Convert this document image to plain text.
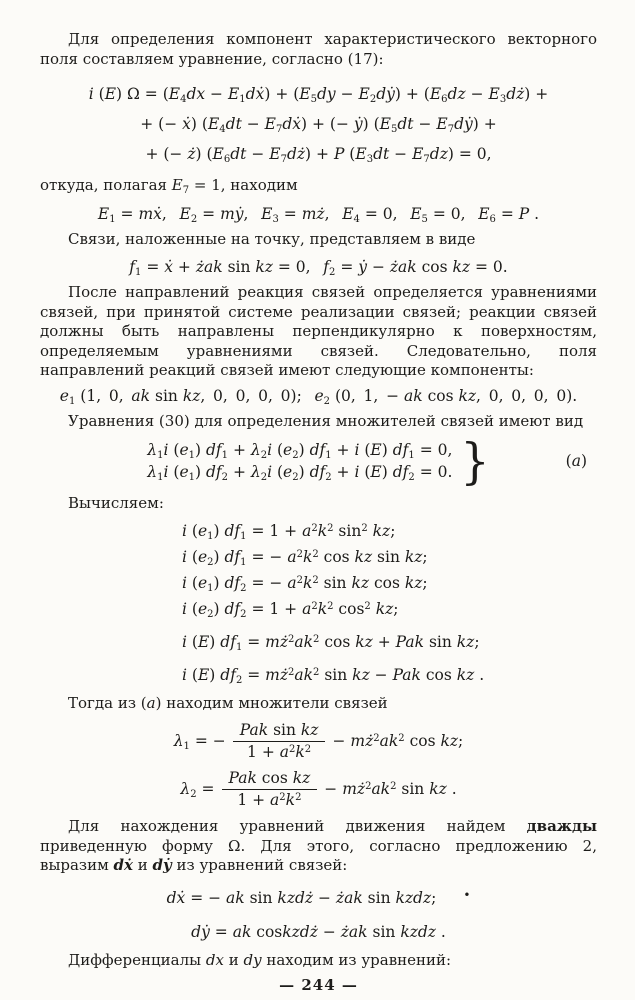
Для определения компонент характеристического векторного поля составляем уравнение, согласно (17):

i (E) $\Omega = (E_4dx$ − $E_1dẋ) + (E_5dy$ − $E_2dẏ) + (E_6dz$ − $E_3dż$) +
+ (− ẋ) ($E_4dt$ − $E_7dẋ$) + (− ẏ) ($E_5dt$ − $E_7dẏ$) +
+ (− ż) ($E_6dt$ − $E_7dż) + P$ $(E_3dt - E_7dz) = 0$,

откуда, полагая $E_7 = 1$, находим

$E_1$ = mẋ,  $E_2$ = mẏ,  $E_3$ = mż,  $E_4 = 0$,  $E_5 = 0$,  $E_6 = P$ .

Связи, наложенные на точку, представляем в виде

$f_1$ = ẋ + żak sin kz = 0,  $f_2$ = ẏ − żak cos kz = 0.

После направлений реакция связей определяется уравнениями связей, при принятой системе реализации связей; реакции связей должны быть направлены перпендикулярно к поверхностям, определяемым уравнениями связей. Следовательно, поля направлений реакций связей имеют следующие компоненты:

$e_1$ (1, 0, ak sin kz, 0, 0, 0, 0);  $e_2$ (0, 1, − ak cos kz, 0, 0, 0, 0).

Уравнения (30) для определения множителей связей имеют вид

$\lambda_1i$ $(e_1) df_1 + \lambda_2i$ $(e_2) df_1 + i$ (E) $df_1 = 0$,
$\lambda_1i$ $(e_1) df_2 + \lambda_2i$ $(e_2) df_2 + i$ (E) $df_2 = 0$. }	(a)

Вычисляем:

i $(e_1) df_1 = 1 + a^2k^2$ $\sin^2$ kz;
i $(e_2) df_1$ = − $a^2k^2$ cos kz sin kz;
i $(e_1) df_2$ = − $a^2k^2$ sin kz cos kz;
i $(e_2) df_2 = 1 + a^2k^2$ $\cos^2$ kz;
i (E) $df_1$ = $mż^2ak^2$ cos kz + Pak sin kz;
i (E) $df_2$ = $mż^2ak^2$ sin kz − Pak cos kz .

Тогда из (a) находим множители связей

$\lambda_1$ = − $\frac{\text{Pak sin kz}}{1 + a^2k^2}$ − $mż^2ak^2$ cos kz;
$\lambda_2 = \frac{\text{Pak cos kz}}{1 + a^2k^2}$ − $mż^2ak^2$ sin kz .

Для нахождения уравнений движения найдем дважды приведенную форму Ω. Для этого, согласно предложению 2, выразим dẋ и dẏ из уравнений связей:

dẋ = − ak sin kzdż − żak sin kzdz; •
dẏ = ak coskzdż − żak sin kzdz .

Дифференциалы dx и dy находим из уравнений:

— 244 —
